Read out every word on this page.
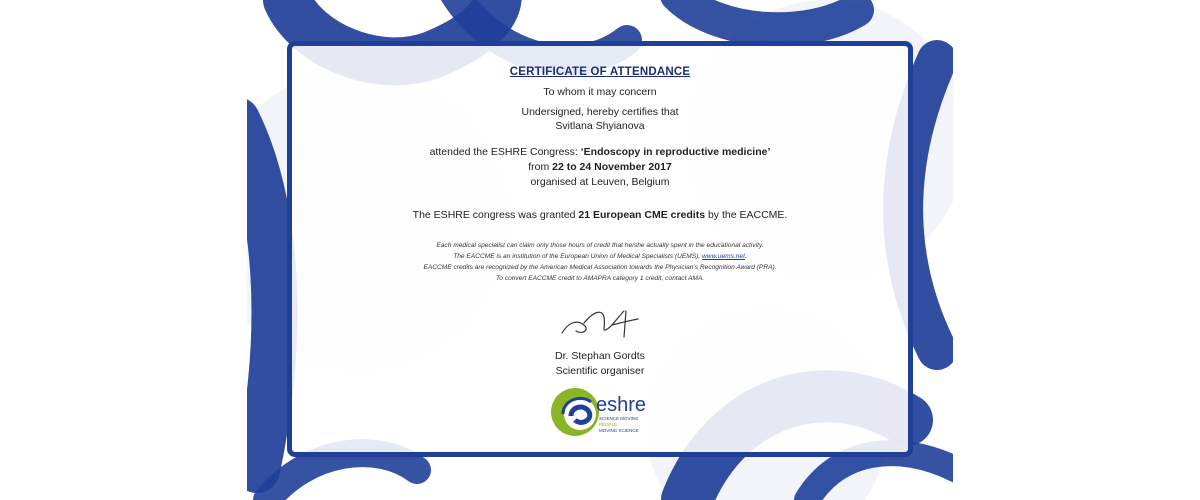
CERTIFICATE OF ATTENDANCE
To whom it may concern
Undersigned, hereby certifies that
Svitlana Shyianova
attended the ESHRE Congress: ‘Endoscopy in reproductive medicine’
from 22 to 24 November 2017
organised at Leuven, Belgium
The ESHRE congress was granted 21 European CME credits by the EACCME.
Each medical specialist can claim only those hours of credit that he/she actually spent in the educational activity.
The EACCME is an institution of the European Union of Medical Specialists (UEMS), www.uems.net.
EACCME credits are recognized by the American Medical Association towards the Physician’s Recognition Award (PRA).
To convert EACCME credit to AMAPRA category 1 credit, contact AMA.
Dr. Stephan Gordts
Scientific organiser
eshre
SCIENCE MOVING
PEOPLE
MOVING SCIENCE
